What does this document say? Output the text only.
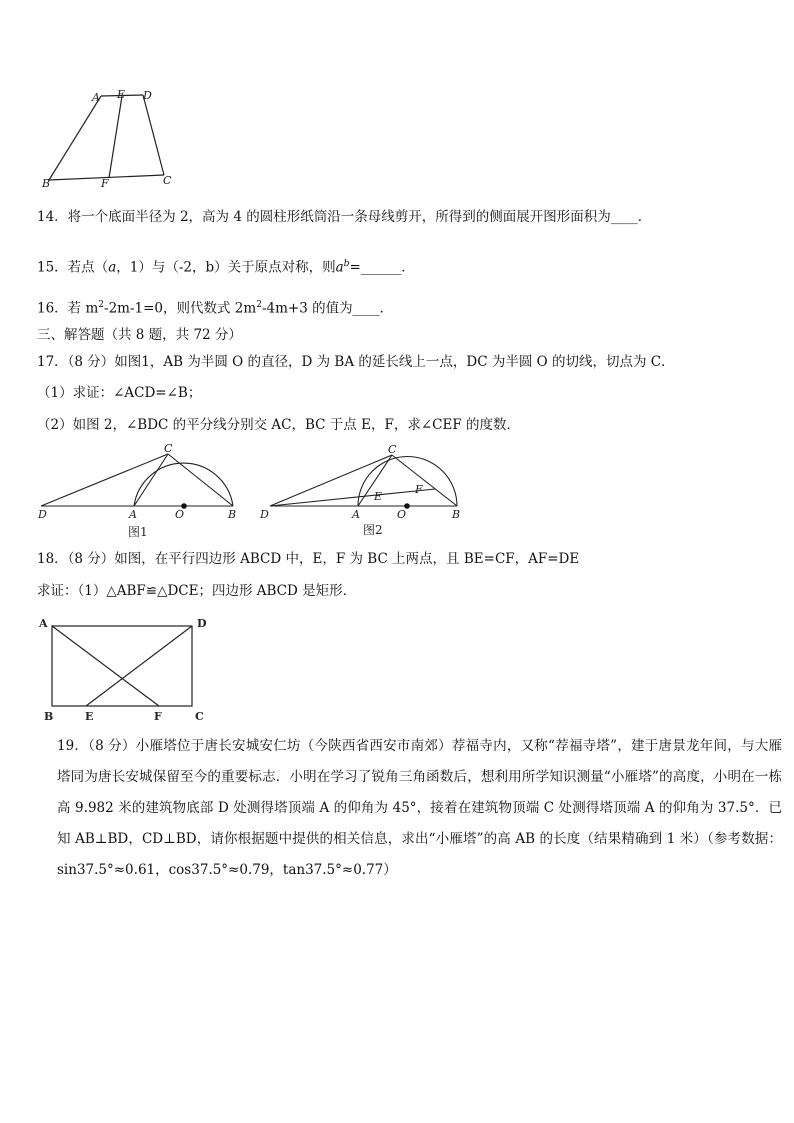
A E D
B	F	C
14．将一个底面半径为 2，高为 4 的圆柱形纸筒沿一条母线剪开，所得到的侧面展开图形面积为____．
15．若点（a，1）与（-2，b）关于原点对称，则$a^b=\_\_\_\_\_\_$．
16．若 $m^2-2m-1=0$，则代数式 $2m^2-4m+3$ 的值为____．
三、解答题（共 8 题，共 72 分）
17．（8 分）如图1，AB 为半圆 O 的直径，D 为 BA 的延长线上一点，DC 为半圆 O 的切线，切点为 C．
（1）求证：∠ACD=∠B；
（2）如图 2，∠BDC 的平分线分别交 AC，BC 于点 E，F，求∠CEF 的度数．
C
D	A	O	B
图1
C
D	A	O	B
E
F
图2
18．（8 分）如图，在平行四边形 ABCD 中，E，F 为 BC 上两点，且 BE=CF，AF=DE
求证：（1）△ABF≌△DCE；四边形 ABCD 是矩形．
A	D
B	E	F	C
19．（8 分）小雁塔位于唐长安城安仁坊（今陕西省西安市南郊）荐福寺内，又称“荐福寺塔”，建于唐景龙年间，与大雁塔同为唐长安城保留至今的重要标志．小明在学习了锐角三角函数后，想利用所学知识测量“小雁塔”的高度，小明在一栋高 9.982 米的建筑物底部 D 处测得塔顶端 A 的仰角为 45°，接着在建筑物顶端 C 处测得塔顶端 A 的仰角为 37.5°．已知 AB⊥BD，CD⊥BD，请你根据题中提供的相关信息，求出“小雁塔”的高 AB 的长度（结果精确到 1 米）（参考数据：sin37.5°≈0.61，cos37.5°≈0.79，tan37.5°≈0.77）
